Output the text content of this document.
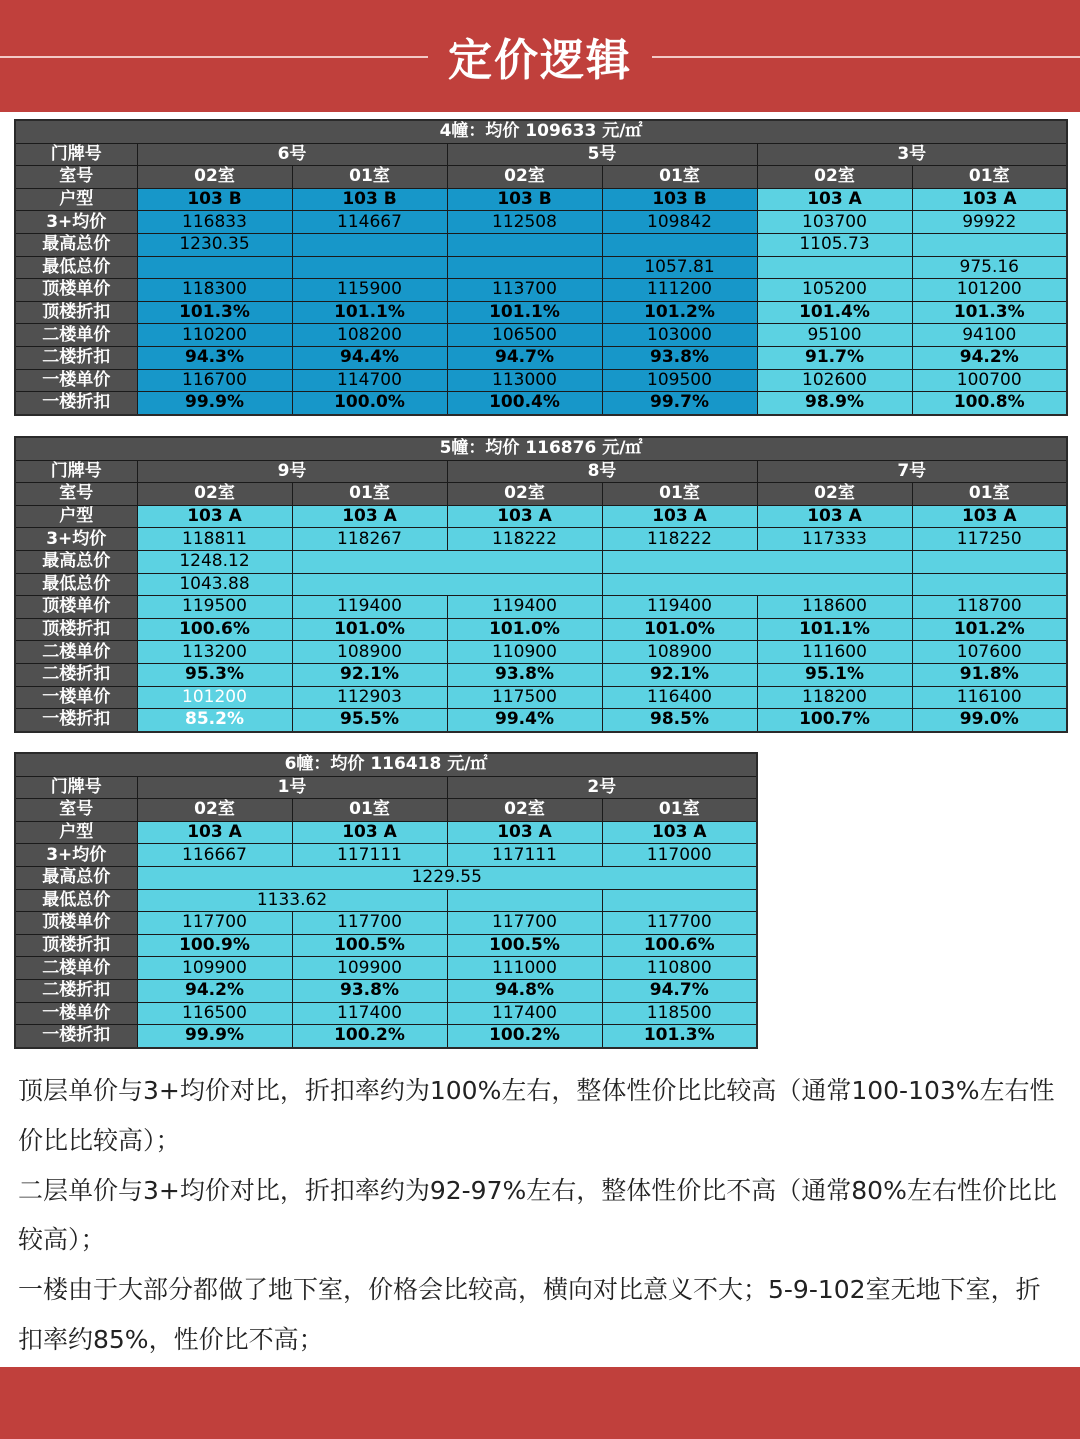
定价逻辑
4幢：均价 109633 元/㎡						
门牌号	6号		5号		3号	
室号	02室	01室	02室	01室	02室	01室
户型	103 B	103 B	103 B	103 B	103 A	103 A
3+均价	116833	114667	112508	109842	103700	99922
最高总价	1230.35				1105.73	
最低总价				1057.81		975.16
顶楼单价	118300	115900	113700	111200	105200	101200
顶楼折扣	101.3%	101.1%	101.1%	101.2%	101.4%	101.3%
二楼单价	110200	108200	106500	103000	95100	94100
二楼折扣	94.3%	94.4%	94.7%	93.8%	91.7%	94.2%
一楼单价	116700	114700	113000	109500	102600	100700
一楼折扣	99.9%	100.0%	100.4%	99.7%	98.9%	100.8%
5幢：均价 116876 元/㎡						
门牌号	9号		8号		7号	
室号	02室	01室	02室	01室	02室	01室
户型	103 A	103 A	103 A	103 A	103 A	103 A
3+均价	118811	118267	118222	118222	117333	117250
最高总价	1248.12					
最低总价	1043.88					
顶楼单价	119500	119400	119400	119400	118600	118700
顶楼折扣	100.6%	101.0%	101.0%	101.0%	101.1%	101.2%
二楼单价	113200	108900	110900	108900	111600	107600
二楼折扣	95.3%	92.1%	93.8%	92.1%	95.1%	91.8%
一楼单价	101200	112903	117500	116400	118200	116100
一楼折扣	85.2%	95.5%	99.4%	98.5%	100.7%	99.0%
6幢：均价 116418 元/㎡				
门牌号	1号		2号	
室号	02室	01室	02室	01室
户型	103 A	103 A	103 A	103 A
3+均价	116667	117111	117111	117000
最高总价	1229.55			
最低总价	1133.62			
顶楼单价	117700	117700	117700	117700
顶楼折扣	100.9%	100.5%	100.5%	100.6%
二楼单价	109900	109900	111000	110800
二楼折扣	94.2%	93.8%	94.8%	94.7%
一楼单价	116500	117400	117400	118500
一楼折扣	99.9%	100.2%	100.2%	101.3%

顶层单价与3+均价对比，折扣率约为100%左右，整体性价比比较高（通常100-103%左右性价比比较高）；

二层单价与3+均价对比，折扣率约为92-97%左右，整体性价比不高（通常80%左右性价比比较高）；

一楼由于大部分都做了地下室，价格会比较高，横向对比意义不大；5-9-102室无地下室，折扣率约85%，性价比不高；
